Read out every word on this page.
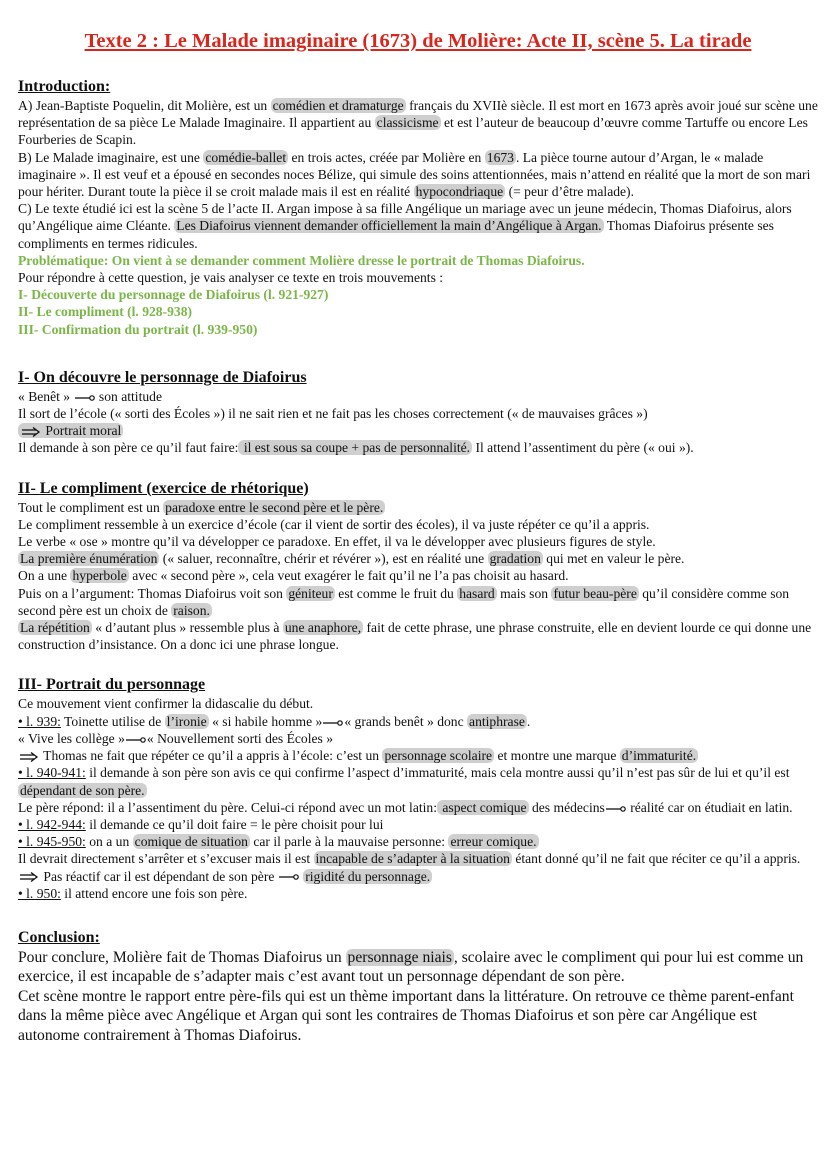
Texte 2 : Le Malade imaginaire (1673) de Molière: Acte II, scène 5. La tirade
Introduction:

A) Jean-Baptiste Poquelin, dit Molière, est un comédien et dramaturge français du XVIIè siècle. Il est mort en 1673 après avoir joué sur scène une représentation de sa pièce Le Malade Imaginaire. Il appartient au classicisme et est l’auteur de beaucoup d’œuvre comme Tartuffe ou encore Les Fourberies de Scapin.

B) Le Malade imaginaire, est une comédie-ballet en trois actes, créée par Molière en 1673 . La pièce tourne autour d’Argan, le « malade imaginaire ». Il est veuf et a épousé en secondes noces Bélize, qui simule des soins attentionnées, mais n’attend en réalité que la mort de son mari pour hériter. Durant toute la pièce il se croit malade mais il est en réalité hypocondriaque (= peur d’être malade).

C) Le texte étudié ici est la scène 5 de l’acte II. Argan impose à sa fille Angélique un mariage avec un jeune médecin, Thomas Diafoirus, alors qu’Angélique aime Cléante. Les Diafoirus viennent demander officiellement la main d’Angélique à Argan. Thomas Diafoirus présente ses compliments en termes ridicules.

Problématique: On vient à se demander comment Molière dresse le portrait de Thomas Diafoirus.

Pour répondre à cette question, je vais analyser ce texte en trois mouvements :

I- Découverte du personnage de Diafoirus (l. 921-927)

II- Le compliment (l. 928-938)

III- Confirmation du portrait (l. 939-950)

I- On découvre le personnage de Diafoirus

« Benêt » son attitude

Il sort de l’école (« sorti des Écoles ») il ne sait rien et ne fait pas les choses correctement (« de mauvaises grâces »)

Portrait moral

Il demande à son père ce qu’il faut faire: il est sous sa coupe + pas de personnalité. Il attend l’assentiment du père (« oui »).

II- Le compliment (exercice de rhétorique)

Tout le compliment est un paradoxe entre le second père et le père.

Le compliment ressemble à un exercice d’école (car il vient de sortir des écoles), il va juste répéter ce qu’il a appris.

Le verbe « ose » montre qu’il va développer ce paradoxe. En effet, il va le développer avec plusieurs figures de style.

La première énumération (« saluer, reconnaître, chérir et révérer »), est en réalité une gradation qui met en valeur le père.

On a une hyperbole avec « second père », cela veut exagérer le fait qu’il ne l’a pas choisit au hasard.

Puis on a l’argument: Thomas Diafoirus voit son géniteur est comme le fruit du hasard mais son futur beau-père qu’il considère comme son second père est un choix de raison.

La répétition « d’autant plus » ressemble plus à une anaphore, fait de cette phrase, une phrase construite, elle en devient lourde ce qui donne une construction d’insistance. On a donc ici une phrase longue.

III- Portrait du personnage

Ce mouvement vient confirmer la didascalie du début.

• l. 939: Toinette utilise de l’ironie « si habile homme » « grands benêt » donc antiphrase .

« Vive les collège » « Nouvellement sorti des Écoles »

Thomas ne fait que répéter ce qu’il a appris à l’école: c’est un personnage scolaire et montre une marque d’immaturité.

• l. 940-941: il demande à son père son avis ce qui confirme l’aspect d’immaturité, mais cela montre aussi qu’il n’est pas sûr de lui et qu’il est dépendant de son père.

Le père répond: il a l’assentiment du père. Celui-ci répond avec un mot latin: aspect comique des médecins réalité car on étudiait en latin.

• l. 942-944: il demande ce qu’il doit faire = le père choisit pour lui

• l. 945-950: on a un comique de situation car il parle à la mauvaise personne: erreur comique.

Il devrait directement s’arrêter et s’excuser mais il est incapable de s’adapter à la situation étant donné qu’il ne fait que réciter ce qu’il a appris.

Pas réactif car il est dépendant de son père  rigidité du personnage.

• l. 950: il attend encore une fois son père.

Conclusion:

Pour conclure, Molière fait de Thomas Diafoirus un personnage niais , scolaire avec le compliment qui pour lui est comme un exercice, il est incapable de s’adapter mais c’est avant tout un personnage dépendant de son père.

Cet scène montre le rapport entre père-fils qui est un thème important dans la littérature. On retrouve ce thème parent-enfant dans la même pièce avec Angélique et Argan qui sont les contraires de Thomas Diafoirus et son père car Angélique est autonome contrairement à Thomas Diafoirus.
